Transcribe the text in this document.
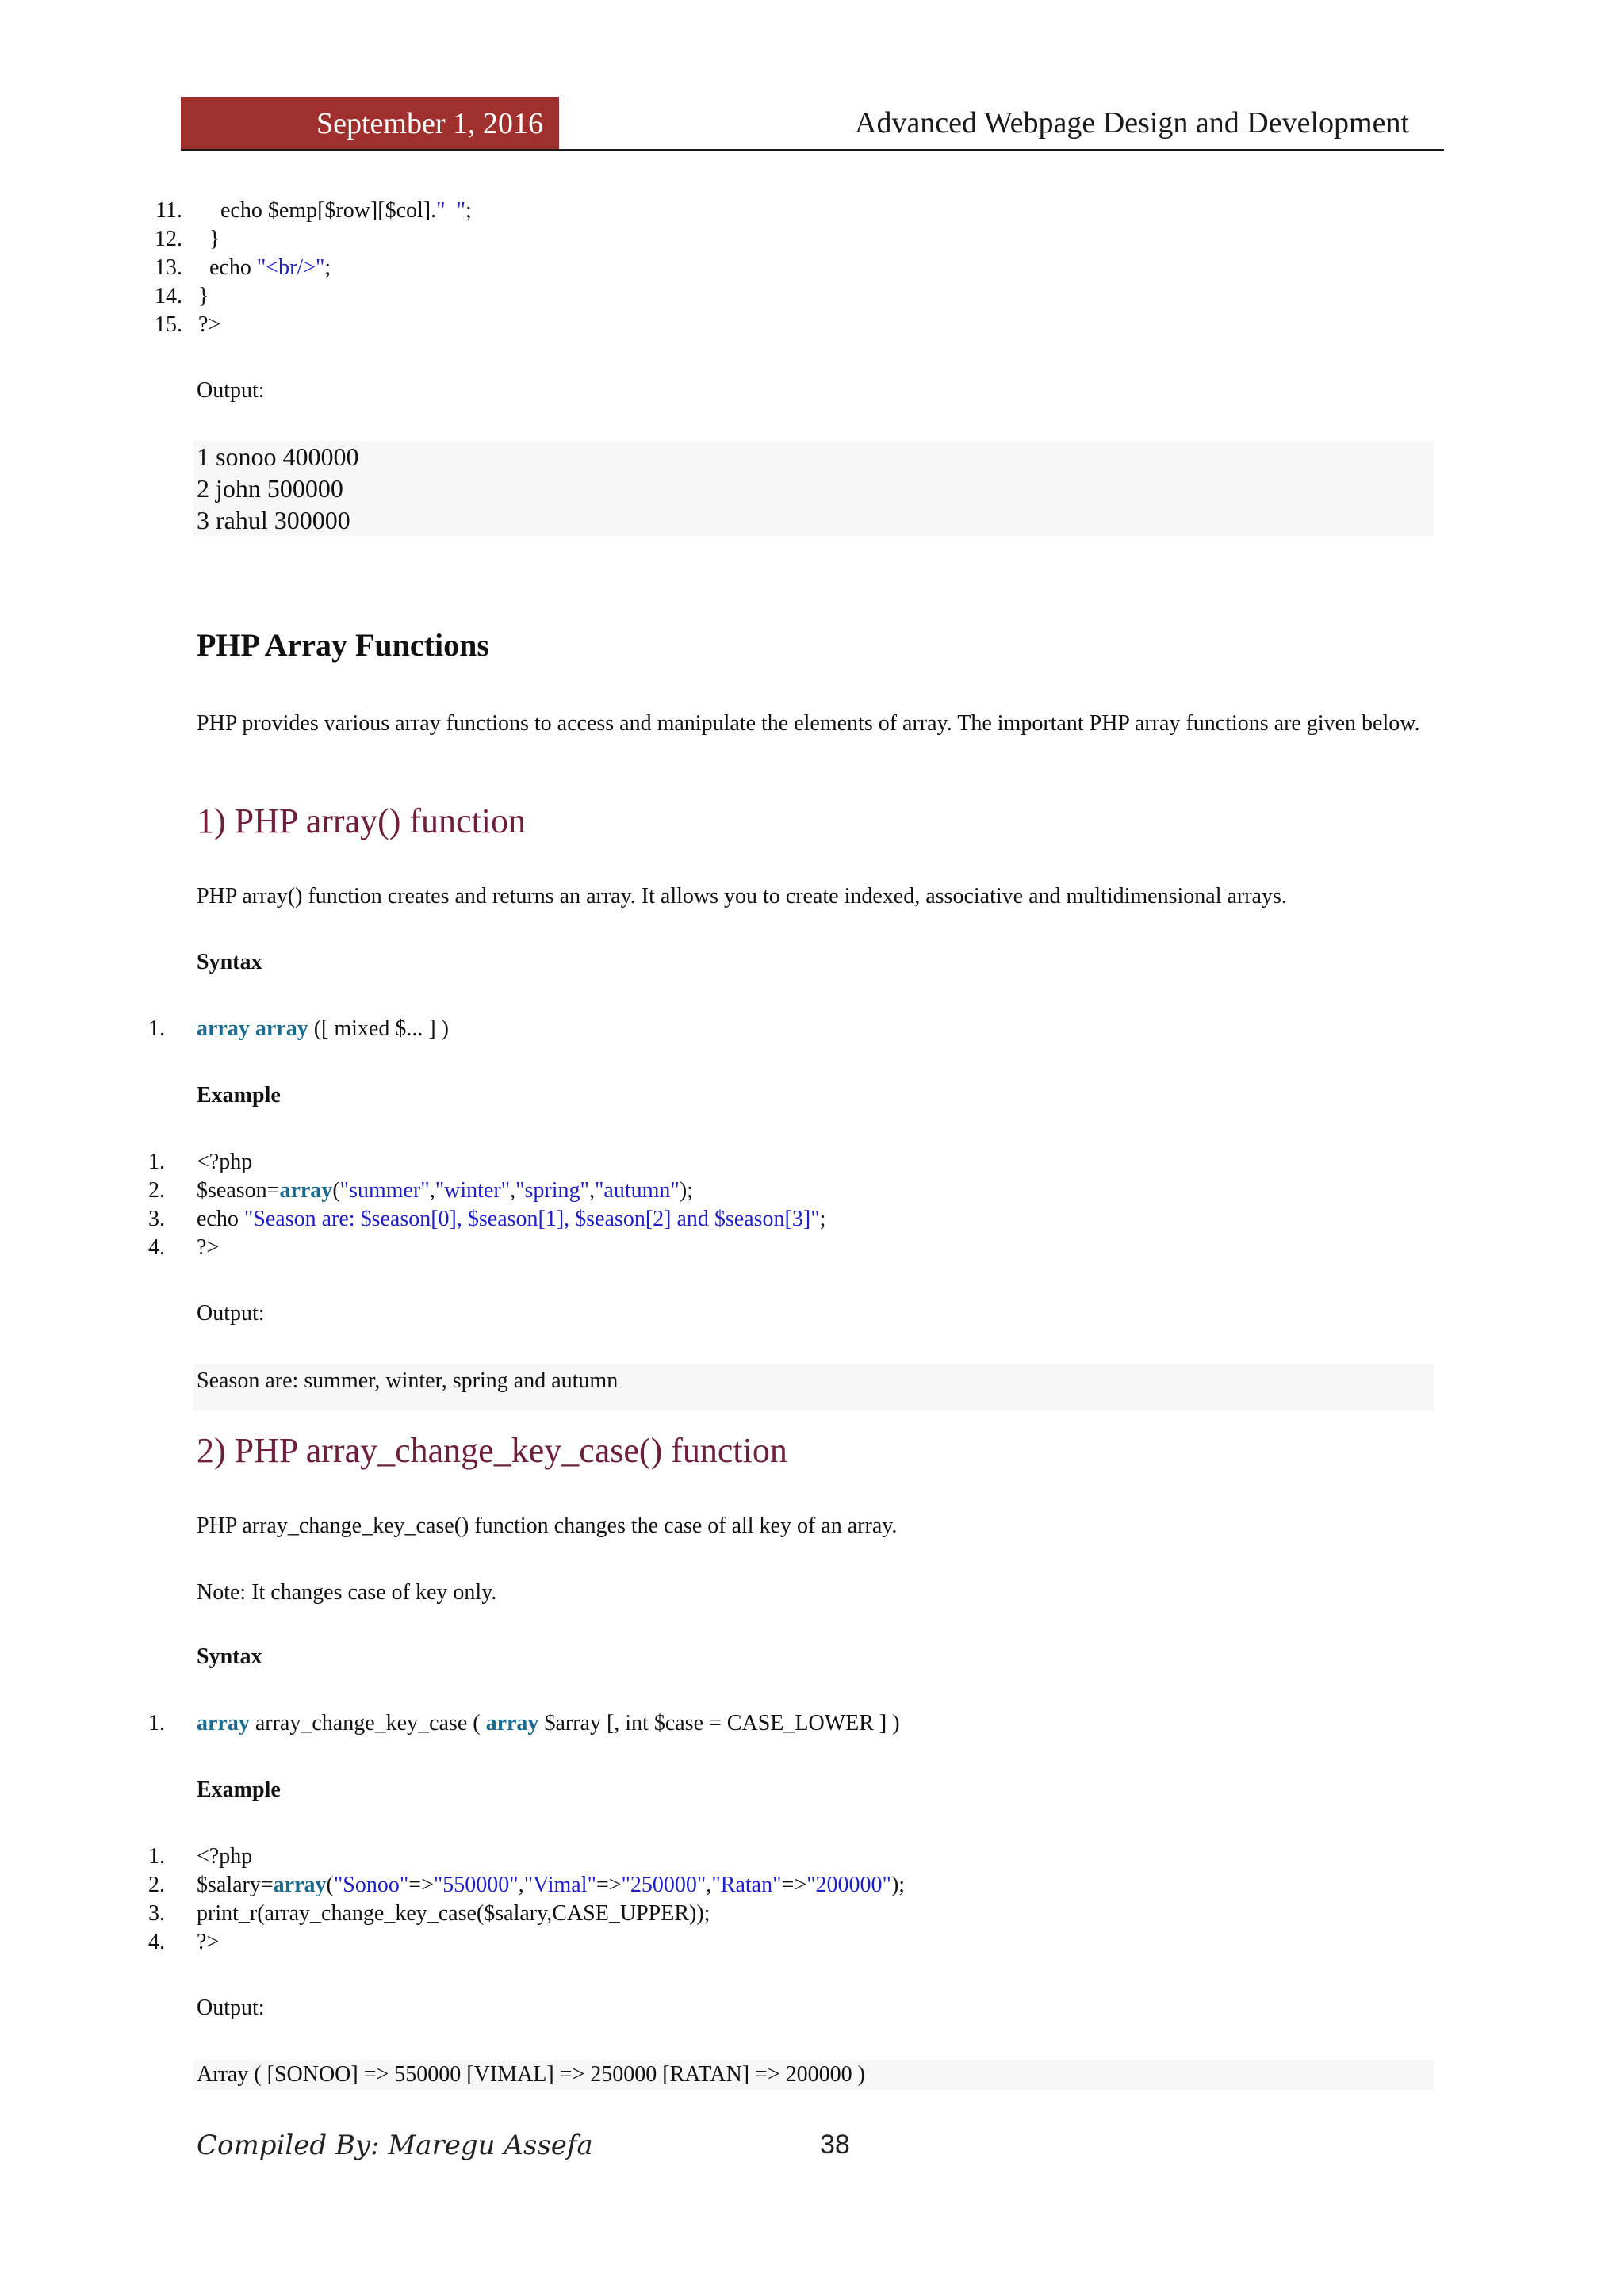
September 1, 2016	Advanced Webpage Design and Development
11. echo $emp[$row][$col]."  ";
12. }
13. echo "<br/>";
14. }
15. ?>
Output:
1 sonoo 400000
2 john 500000
3 rahul 300000
PHP Array Functions
PHP provides various array functions to access and manipulate the elements of array. The important PHP array functions are given below.
1) PHP array() function
PHP array() function creates and returns an array. It allows you to create indexed, associative and multidimensional arrays.
Syntax
1. array array ([ mixed $... ] )
Example
1. <?php
2. $season=array("summer","winter","spring","autumn");
3. echo "Season are: $season[0], $season[1], $season[2] and $season[3]";
4. ?>
Output:
Season are: summer, winter, spring and autumn
2) PHP array_change_key_case() function
PHP array_change_key_case() function changes the case of all key of an array.
Note: It changes case of key only.
Syntax
1. array array_change_key_case ( array $array [, int $case = CASE_LOWER ] )
Example
1. <?php
2. $salary=array("Sonoo"=>"550000","Vimal"=>"250000","Ratan"=>"200000");
3. print_r(array_change_key_case($salary,CASE_UPPER));
4. ?>
Output:
Array ( [SONOO] => 550000 [VIMAL] => 250000 [RATAN] => 200000 )
Compiled By: Maregu Assefa	38
